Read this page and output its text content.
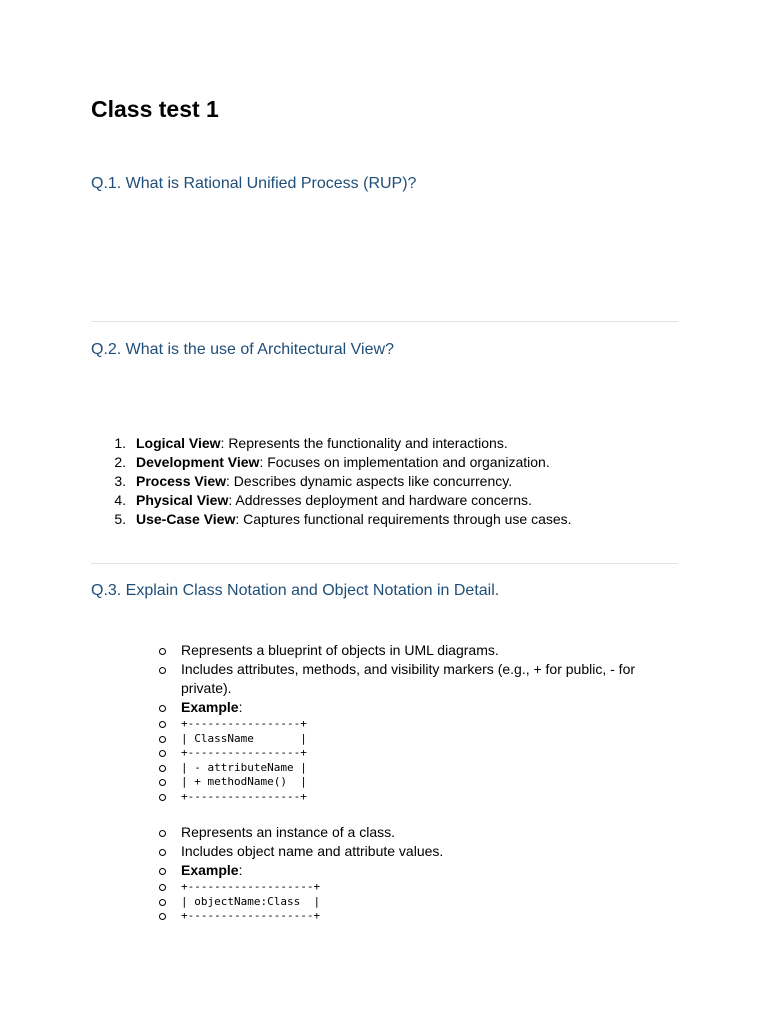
Class test 1
Q.1. What is Rational Unified Process (RUP)?
Q.2. What is the use of Architectural View?
1. Logical View: Represents the functionality and interactions.
2. Development View: Focuses on implementation and organization.
3. Process View: Describes dynamic aspects like concurrency.
4. Physical View: Addresses deployment and hardware concerns.
5. Use-Case View: Captures functional requirements through use cases.
Q.3. Explain Class Notation and Object Notation in Detail.
Represents a blueprint of objects in UML diagrams.
Includes attributes, methods, and visibility markers (e.g., + for public, - for private).
Example:
+-----------------+
| ClassName       |
+-----------------+
| - attributeName |
| + methodName()  |
+-----------------+
Represents an instance of a class.
Includes object name and attribute values.
Example:
+-------------------+
| objectName:Class  |
+-------------------+
